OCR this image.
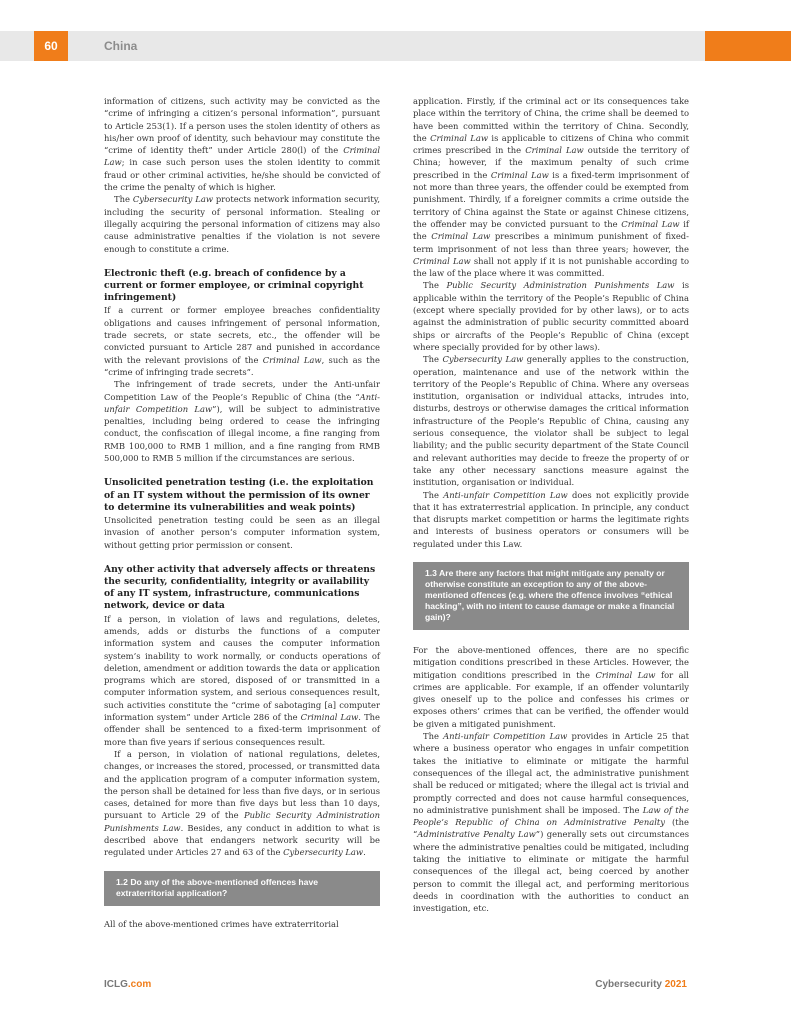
60	China

information of citizens, such activity may be convicted as the “crime of infringing a citizen’s personal information”, pursuant to Article 253(1). If a person uses the stolen identity of others as his/her own proof of identity, such behaviour may constitute the “crime of identity theft” under Article 280(l) of the Criminal Law; in case such person uses the stolen identity to commit fraud or other criminal activities, he/she should be convicted of the crime the penalty of which is higher.

The Cybersecurity Law protects network information security, including the security of personal information. Stealing or illegally acquiring the personal information of citizens may also cause administrative penalties if the violation is not severe enough to constitute a crime.

Electronic theft (e.g. breach of confidence by a current or former employee, or criminal copyright infringement)

If a current or former employee breaches confidentiality obligations and causes infringement of personal information, trade secrets, or state secrets, etc., the offender will be convicted pursuant to Article 287 and punished in accordance with the relevant provisions of the Criminal Law, such as the “crime of infringing trade secrets”.

The infringement of trade secrets, under the Anti-unfair Competition Law of the People’s Republic of China (the “Anti-unfair Competition Law”), will be subject to administrative penalties, including being ordered to cease the infringing conduct, the confiscation of illegal income, a fine ranging from RMB 100,000 to RMB 1 million, and a fine ranging from RMB 500,000 to RMB 5 million if the circumstances are serious.

Unsolicited penetration testing (i.e. the exploitation of an IT system without the permission of its owner to determine its vulnerabilities and weak points)

Unsolicited penetration testing could be seen as an illegal invasion of another person’s computer information system, without getting prior permission or consent.

Any other activity that adversely affects or threatens the security, confidentiality, integrity or availability of any IT system, infrastructure, communications network, device or data

If a person, in violation of laws and regulations, deletes, amends, adds or disturbs the functions of a computer information system and causes the computer information system’s inability to work normally, or conducts operations of deletion, amendment or addition towards the data or application programs which are stored, disposed of or transmitted in a computer information system, and serious consequences result, such activities constitute the “crime of sabotaging [a] computer information system” under Article 286 of the Criminal Law. The offender shall be sentenced to a fixed-term imprisonment of more than five years if serious consequences result.

If a person, in violation of national regulations, deletes, changes, or increases the stored, processed, or transmitted data and the application program of a computer information system, the person shall be detained for less than five days, or in serious cases, detained for more than five days but less than 10 days, pursuant to Article 29 of the Public Security Administration Punishments Law. Besides, any conduct in addition to what is described above that endangers network security will be regulated under Articles 27 and 63 of the Cybersecurity Law.

1.2 Do any of the above-mentioned offences have extraterritorial application?

All of the above-mentioned crimes have extraterritorial

application. Firstly, if the criminal act or its consequences take place within the territory of China, the crime shall be deemed to have been committed within the territory of China. Secondly, the Criminal Law is applicable to citizens of China who commit crimes prescribed in the Criminal Law outside the territory of China; however, if the maximum penalty of such crime prescribed in the Criminal Law is a fixed-term imprisonment of not more than three years, the offender could be exempted from punishment. Thirdly, if a foreigner commits a crime outside the territory of China against the State or against Chinese citizens, the offender may be convicted pursuant to the Criminal Law if the Criminal Law prescribes a minimum punishment of fixed-term imprisonment of not less than three years; however, the Criminal Law shall not apply if it is not punishable according to the law of the place where it was committed.

The Public Security Administration Punishments Law is applicable within the territory of the People’s Republic of China (except where specially provided for by other laws), or to acts against the administration of public security committed aboard ships or aircrafts of the People’s Republic of China (except where specially provided for by other laws).

The Cybersecurity Law generally applies to the construction, operation, maintenance and use of the network within the territory of the People’s Republic of China. Where any overseas institution, organisation or individual attacks, intrudes into, disturbs, destroys or otherwise damages the critical information infrastructure of the People’s Republic of China, causing any serious consequence, the violator shall be subject to legal liability; and the public security department of the State Council and relevant authorities may decide to freeze the property of or take any other necessary sanctions measure against the institution, organisation or individual.

The Anti-unfair Competition Law does not explicitly provide that it has extraterrestrial application. In principle, any conduct that disrupts market competition or harms the legitimate rights and interests of business operators or consumers will be regulated under this Law.

1.3 Are there any factors that might mitigate any penalty or otherwise constitute an exception to any of the above-mentioned offences (e.g. where the offence involves “ethical hacking”, with no intent to cause damage or make a financial gain)?

For the above-mentioned offences, there are no specific mitigation conditions prescribed in these Articles. However, the mitigation conditions prescribed in the Criminal Law for all crimes are applicable. For example, if an offender voluntarily gives oneself up to the police and confesses his crimes or exposes others’ crimes that can be verified, the offender would be given a mitigated punishment.

The Anti-unfair Competition Law provides in Article 25 that where a business operator who engages in unfair competition takes the initiative to eliminate or mitigate the harmful consequences of the illegal act, the administrative punishment shall be reduced or mitigated; where the illegal act is trivial and promptly corrected and does not cause harmful consequences, no administrative punishment shall be imposed. The Law of the People’s Republic of China on Administrative Penalty (the “Administrative Penalty Law”) generally sets out circumstances where the administrative penalties could be mitigated, including taking the initiative to eliminate or mitigate the harmful consequences of the illegal act, being coerced by another person to commit the illegal act, and performing meritorious deeds in coordination with the authorities to conduct an investigation, etc.

ICLG.com	Cybersecurity 2021
